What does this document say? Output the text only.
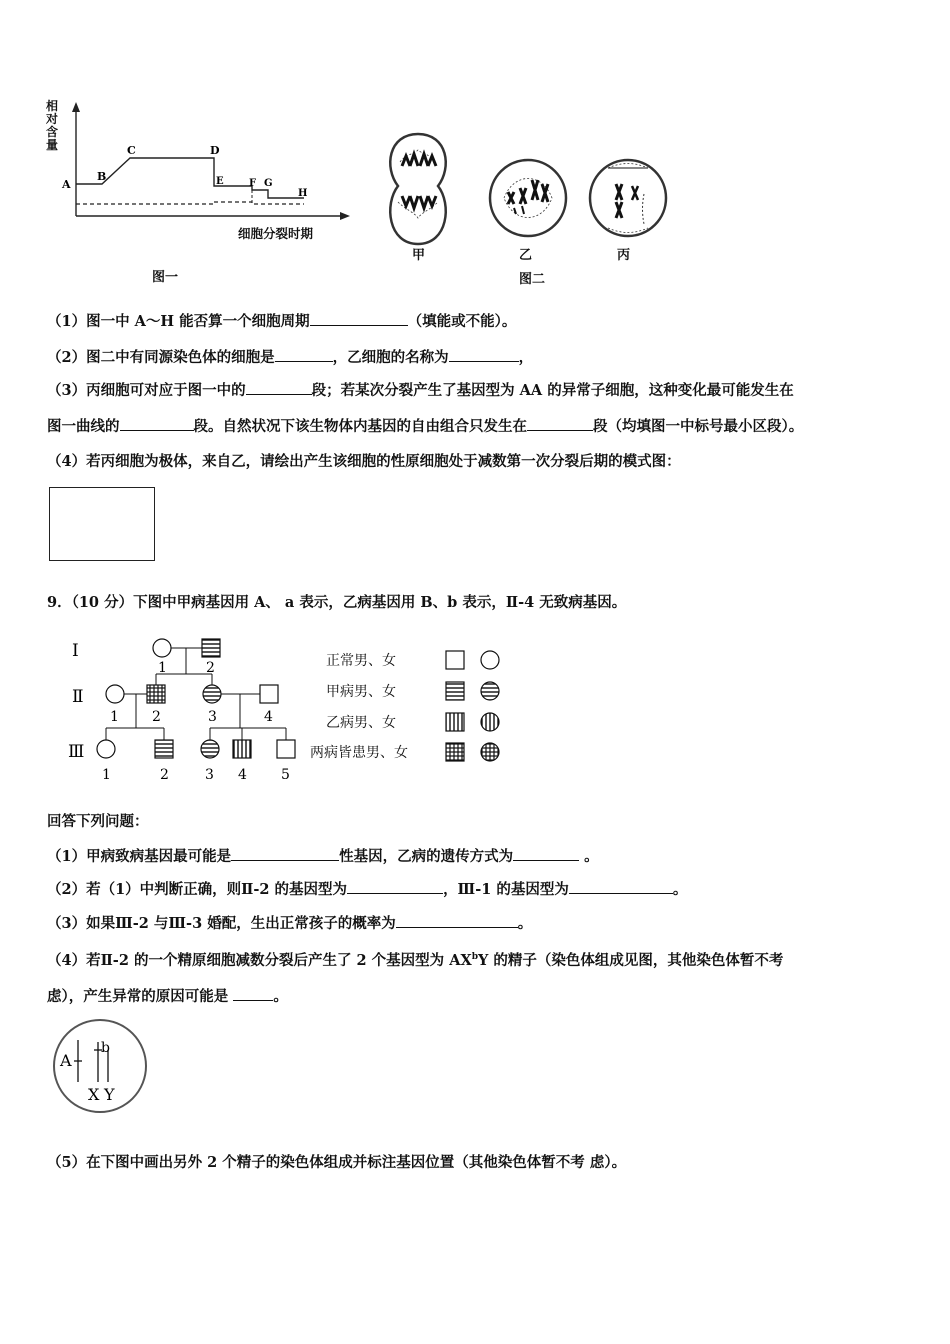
A
B
C	D
E	F G
H
相对含量
细胞分裂时期
图一
甲	乙	丙
图二
（1）图一中 A～H 能否算一个细胞周期	（填能或不能）。
（2）图二中有同源染色体的细胞是	，乙细胞的名称为	，
（3）丙细胞可对应于图一中的	段；若某次分裂产生了基因型为 AA 的异常子细胞，这种变化最可能发生在
图一曲线的	段。自然状况下该生物体内基因的自由组合只发生在	段（均填图一中标号最小区段）。
（4）若丙细胞为极体，来自乙，请绘出产生该细胞的性原细胞处于减数第一次分裂后期的模式图：
9．（10 分）下图中甲病基因用 A、 a 表示，乙病基因用 B、b 表示，Ⅱ-4 无致病基因。
Ⅰ
Ⅱ
Ⅲ
1	2
1 2	3	4
1	2	3 4 5
正常男、女
甲病男、女
乙病男、女
两病皆患男、女
回答下列问题：
（1）甲病致病基因最可能是	性基因，乙病的遗传方式为	。
（2）若（1）中判断正确，则Ⅱ-2 的基因型为	，Ⅲ-1 的基因型为	。
（3）如果Ⅲ-2 与Ⅲ-3 婚配，生出正常孩子的概率为	。
（4）若Ⅱ-2 的一个精原细胞减数分裂后产生了 2 个基因型为 $AX^bY$ 的精子（染色体组成见图，其他染色体暂不考
虑），产生异常的原因可能是	。
A
b
X Y
（5）在下图中画出另外 2 个精子的染色体组成并标注基因位置（其他染色体暂不考 虑）。
